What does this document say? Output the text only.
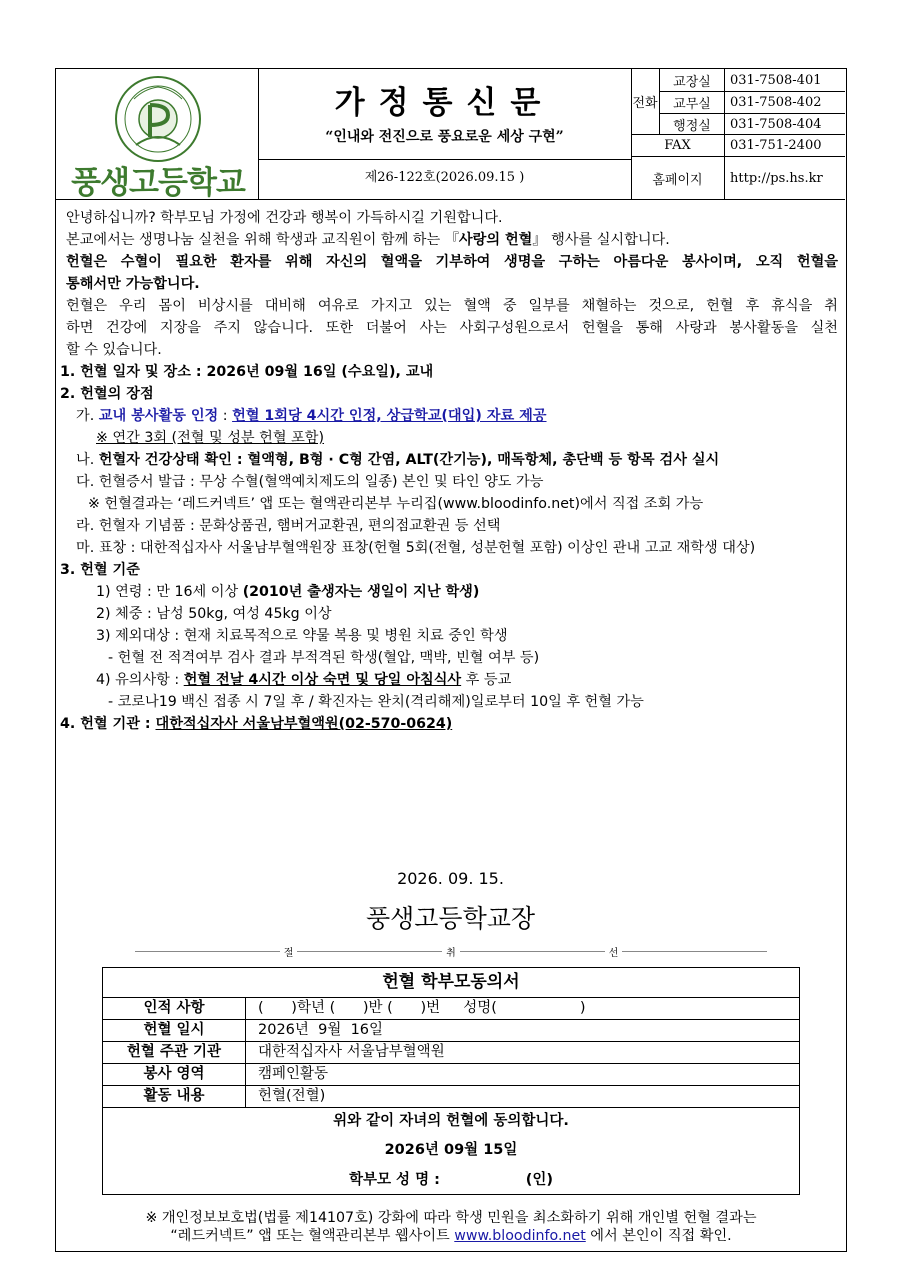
풍생고등학교
가정통신문
“인내와 전진으로 풍요로운 세상 구현”
제26-122호(2026.09.15 )
전화
교장실	031-7508-401
교무실	031-7508-402
행정실	031-7508-404
FAX	031-751-2400
홈페이지	http://ps.hs.kr

안녕하십니까? 학부모님 가정에 건강과 행복이 가득하시길 기원합니다.

본교에서는 생명나눔 실천을 위해 학생과 교직원이 함께 하는 『사랑의 헌혈』 행사를 실시합니다.

헌혈은 수혈이 필요한 환자를 위해 자신의 혈액을 기부하여 생명을 구하는 아름다운 봉사이며, 오직 헌혈을

통해서만 가능합니다.

헌혈은 우리 몸이 비상시를 대비해 여유로 가지고 있는 혈액 중 일부를 채혈하는 것으로, 헌혈 후 휴식을 취

하면 건강에 지장을 주지 않습니다. 또한 더불어 사는 사회구성원으로서 헌혈을 통해 사랑과 봉사활동을 실천

할 수 있습니다.

1. 헌혈 일자 및 장소 : 2026년 09월 16일 (수요일), 교내

2. 헌혈의 장점

가. 교내 봉사활동 인정 : 헌혈 1회당 4시간 인정, 상급학교(대입) 자료 제공

※ 연간 3회 (전혈 및 성분 헌혈 포함)

나. 헌혈자 건강상태 확인 : 혈액형, B형 · C형 간염, ALT(간기능), 매독항체, 총단백 등 항목 검사 실시

다. 헌혈증서 발급 : 무상 수혈(혈액예치제도의 일종) 본인 및 타인 양도 가능

※ 헌혈결과는 ‘레드커넥트’ 앱 또는 혈액관리본부 누리집(www.bloodinfo.net)에서 직접 조회 가능

라. 헌혈자 기념품 : 문화상품권, 햄버거교환권, 편의점교환권 등 선택

마. 표창 : 대한적십자사 서울남부혈액원장 표창(헌혈 5회(전혈, 성분헌혈 포함) 이상인 관내 고교 재학생 대상)

3. 헌혈 기준

1) 연령 : 만 16세 이상 (2010년 출생자는 생일이 지난 학생)

2) 체중 : 남성 50kg, 여성 45kg 이상

3) 제외대상 : 현재 치료목적으로 약물 복용 및 병원 치료 중인 학생

- 헌혈 전 적격여부 검사 결과 부적격된 학생(혈압, 맥박, 빈혈 여부 등)

4) 유의사항 : 헌혈 전날 4시간 이상 숙면 및 당일 아침식사 후 등교

- 코로나19 백신 접종 시 7일 후 / 확진자는 완치(격리해제)일로부터 10일 후 헌혈 가능

4. 헌혈 기관 : 대한적십자사 서울남부혈액원(02-570-0624)

2026. 09. 15.
풍생고등학교장
절	취	선
헌혈 학부모동의서
인적 사항	(      )학년 (      )반 (      )번     성명(                  )
헌혈 일시	2026년  9월  16일
헌혈 주관 기관	대한적십자사 서울남부혈액원
봉사 영역	캠페인활동
활동 내용	헌혈(전혈)
위와 같이 자녀의 헌혈에 동의합니다.
2026년 09월 15일
학부모 성 명 :                 (인)
※ 개인정보보호법(법률 제14107호) 강화에 따라 학생 민원을 최소화하기 위해 개인별 헌혈 결과는
“레드커넥트” 앱 또는 혈액관리본부 웹사이트 www.bloodinfo.net 에서 본인이 직접 확인.
